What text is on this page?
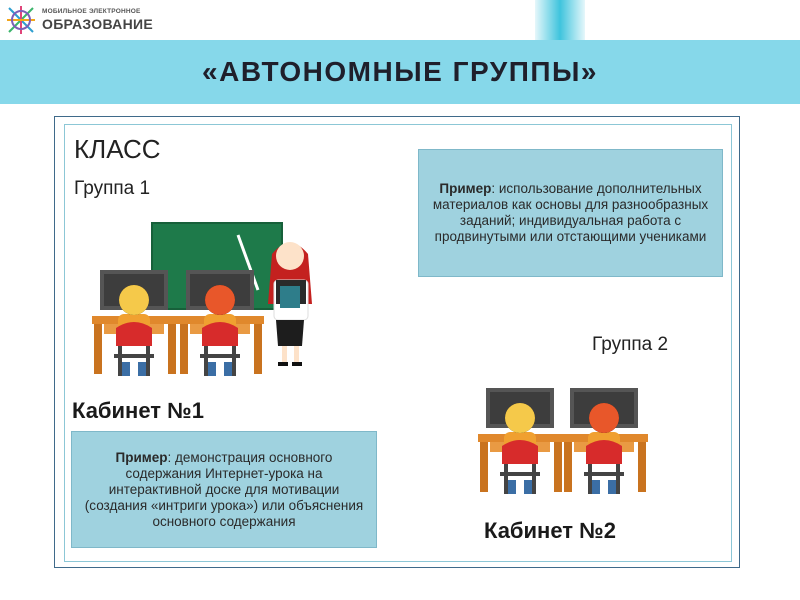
МОБИЛЬНОЕ ЭЛЕКТРОННОЕ
ОБРАЗОВАНИЕ
«АВТОНОМНЫЕ ГРУППЫ»
КЛАСС
Группа 1
Группа 2
Кабинет №1
Кабинет №2
Пример: использование дополнительных материалов как основы для разнообразных заданий; индивидуальная работа с продвинутыми или отстающими учениками
Пример: демонстрация основного содержания Интернет-урока на интерактивной доске для мотивации (создания «интриги урока») или объяснения основного содержания
